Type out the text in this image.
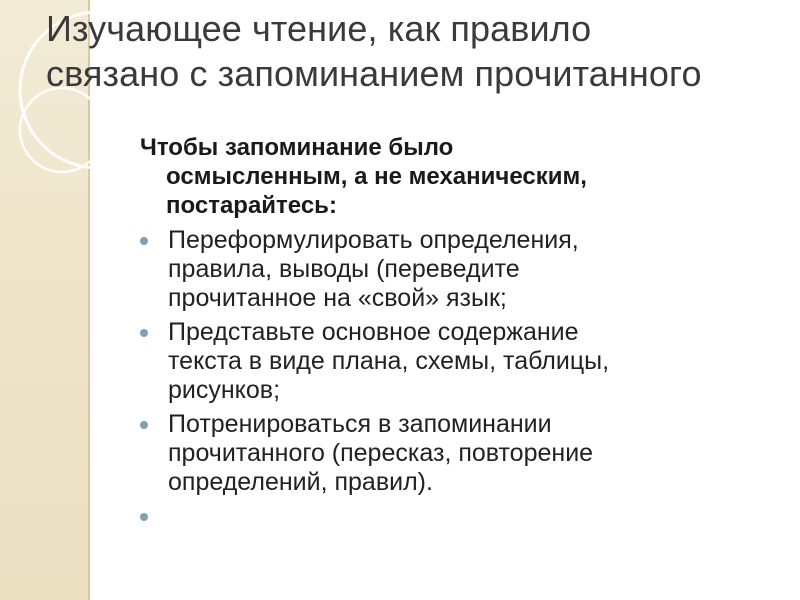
Изучающее чтение, как правило
связано с запоминанием прочитанного
Чтобы запоминание было
осмысленным, а не механическим,
постарайтесь:
Переформулировать определения,
правила, выводы (переведите
прочитанное на «свой» язык;
Представьте основное содержание
текста в виде плана, схемы, таблицы,
рисунков;
Потренироваться в запоминании
прочитанного (пересказ, повторение
определений, правил).
